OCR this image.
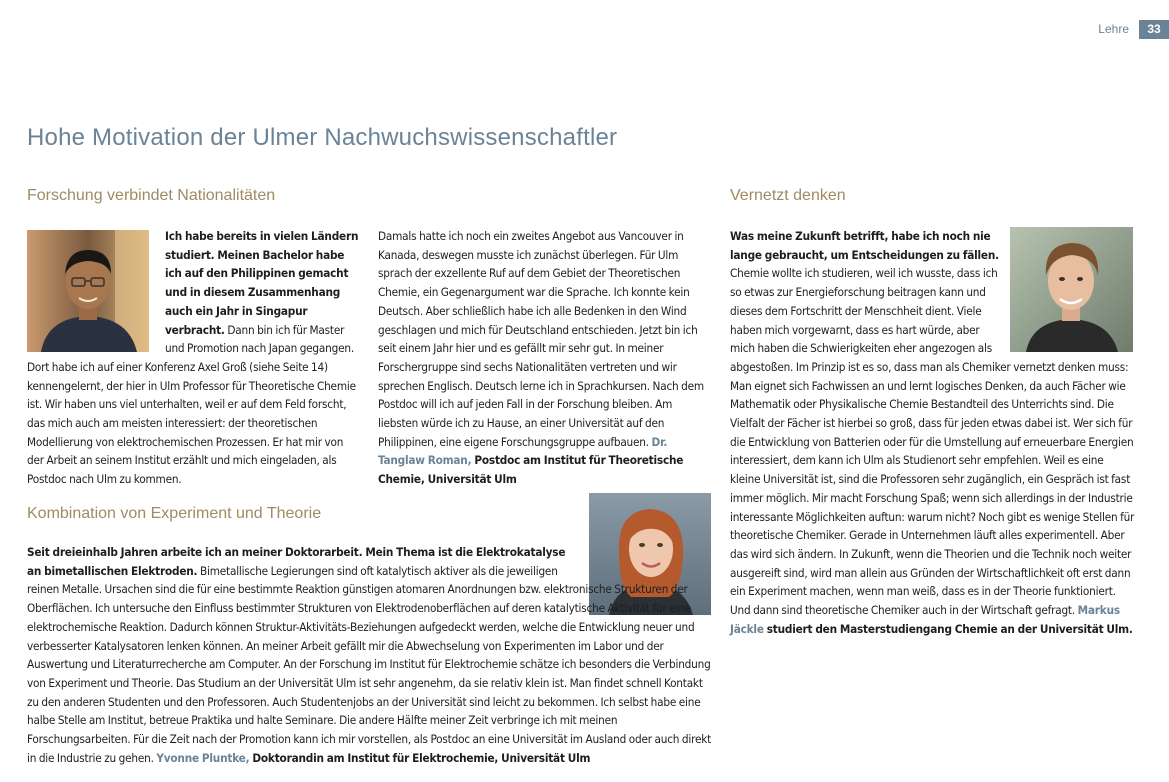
Lehre	33
Hohe Motivation der Ulmer Nachwuchswissenschaftler
Forschung verbindet Nationalitäten

Ich habe bereits in vielen Ländern studiert. Meinen Bachelor habe ich auf den Philippinen gemacht und in diesem Zusammenhang auch ein Jahr in Singapur verbracht. Dann bin ich für Master und Promotion nach Japan gegangen. Dort habe ich auf einer Konferenz Axel Groß (siehe Seite 14) kennengelernt, der hier in Ulm Professor für Theoretische Chemie ist. Wir haben uns viel unterhalten, weil er auf dem Feld forscht, das mich auch am meisten interessiert: der theoretischen Modellierung von elektrochemischen Prozessen. Er hat mir von der Arbeit an seinem Institut erzählt und mich eingeladen, als Postdoc nach Ulm zu kommen.

Damals hatte ich noch ein zweites Angebot aus Vancouver in Kanada, deswegen musste ich zunächst überlegen. Für Ulm sprach der exzellente Ruf auf dem Gebiet der Theoretischen Chemie, ein Gegenargument war die Sprache. Ich konnte kein Deutsch. Aber schließlich habe ich alle Bedenken in den Wind geschlagen und mich für Deutschland entschieden. Jetzt bin ich seit einem Jahr hier und es gefällt mir sehr gut. In meiner Forschergruppe sind sechs Nationalitäten vertreten und wir sprechen Englisch. Deutsch lerne ich in Sprachkursen. Nach dem Postdoc will ich auf jeden Fall in der Forschung bleiben. Am liebsten würde ich zu Hause, an einer Universität auf den Philippinen, eine eigene Forschungsgruppe aufbauen. Dr. Tanglaw Roman, Postdoc am Institut für Theoretische Chemie, Universität Ulm

Kombination von Experiment und Theorie

Seit dreieinhalb Jahren arbeite ich an meiner Doktorarbeit. Mein Thema ist die Elektrokatalyse an bimetallischen Elektroden. Bimetallische Legierungen sind oft katalytisch aktiver als die jeweiligen reinen Metalle. Ursachen sind die für eine bestimmte Reaktion günstigen atomaren Anordnungen bzw. elektronische Strukturen der Oberflächen. Ich untersuche den Einfluss bestimmter Strukturen von Elektrodenoberflächen auf deren katalytische Aktivität für eine elektrochemische Reaktion. Dadurch können Struktur-Aktivitäts-Beziehungen aufgedeckt werden, welche die Entwicklung neuer und verbesserter Katalysatoren lenken können. An meiner Arbeit gefällt mir die Abwechselung von Experimenten im Labor und der Auswertung und Literaturrecherche am Computer. An der Forschung im Institut für Elektrochemie schätze ich besonders die Verbindung von Experiment und Theorie. Das Studium an der Universität Ulm ist sehr angenehm, da sie relativ klein ist. Man findet schnell Kontakt zu den anderen Studenten und den Professoren. Auch Studentenjobs an der Universität sind leicht zu bekommen. Ich selbst habe eine halbe Stelle am Institut, betreue Praktika und halte Seminare. Die andere Hälfte meiner Zeit verbringe ich mit meinen Forschungsarbeiten. Für die Zeit nach der Promotion kann ich mir vorstellen, als Postdoc an eine Universität im Ausland oder auch direkt in die Industrie zu gehen. Yvonne Pluntke, Doktorandin am Institut für Elektrochemie, Universität Ulm

Vernetzt denken

Was meine Zukunft betrifft, habe ich noch nie lange gebraucht, um Entscheidungen zu fällen. Chemie wollte ich studieren, weil ich wusste, dass ich so etwas zur Energieforschung beitragen kann und dieses dem Fortschritt der Menschheit dient. Viele haben mich vorgewarnt, dass es hart würde, aber mich haben die Schwierigkeiten eher angezogen als abgestoßen. Im Prinzip ist es so, dass man als Chemiker vernetzt denken muss: Man eignet sich Fachwissen an und lernt logisches Denken, da auch Fächer wie Mathematik oder Physikalische Chemie Bestandteil des Unterrichts sind. Die Vielfalt der Fächer ist hierbei so groß, dass für jeden etwas dabei ist. Wer sich für die Entwicklung von Batterien oder für die Umstellung auf erneuerbare Energien interessiert, dem kann ich Ulm als Studienort sehr empfehlen. Weil es eine kleine Universität ist, sind die Professoren sehr zugänglich, ein Gespräch ist fast immer möglich. Mir macht Forschung Spaß; wenn sich allerdings in der Industrie interessante Möglichkeiten auftun: warum nicht? Noch gibt es wenige Stellen für theoretische Chemiker. Gerade in Unternehmen läuft alles experimentell. Aber das wird sich ändern. In Zukunft, wenn die Theorien und die Technik noch weiter ausgereift sind, wird man allein aus Gründen der Wirtschaftlichkeit oft erst dann ein Experiment machen, wenn man weiß, dass es in der Theorie funktioniert. Und dann sind theoretische Chemiker auch in der Wirtschaft gefragt. Markus Jäckle studiert den Masterstudiengang Chemie an der Universität Ulm.
